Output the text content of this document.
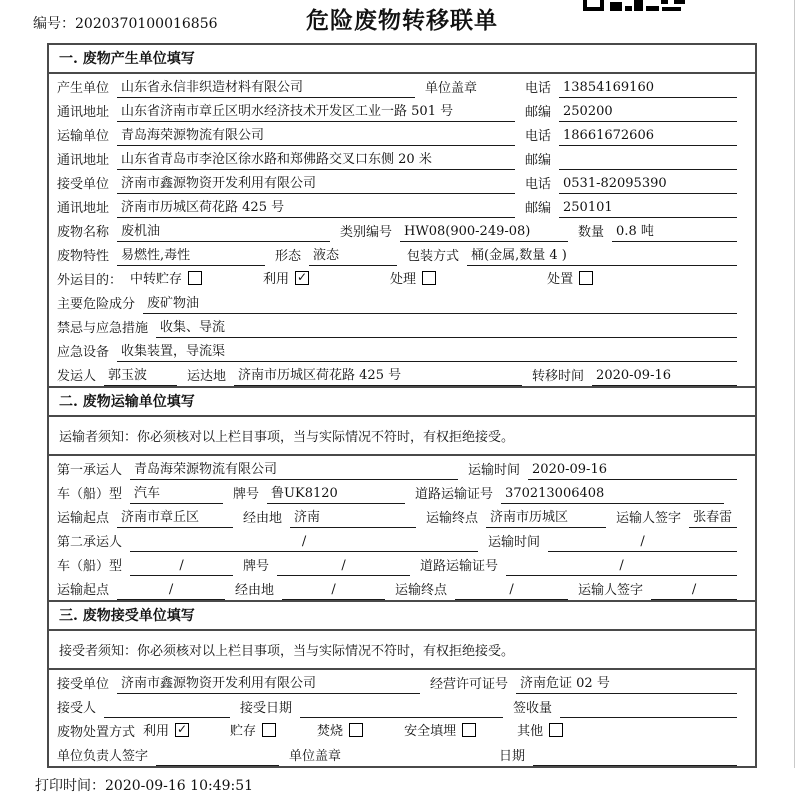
编号：2020370100016856	危险废物转移联单
一. 废物产生单位填写
产生单位 山东省永信非织造材料有限公司	单位盖章	电话 13854169160
通讯地址 山东省济南市章丘区明水经济技术开发区工业一路 501 号	邮编 250200
运输单位 青岛海荣源物流有限公司	电话 18661672606
通讯地址 山东省青岛市李沧区徐水路和郑佛路交叉口东侧 20 米	邮编
接受单位 济南市鑫源物资开发利用有限公司	电话 0531-82095390
通讯地址 济南市历城区荷花路 425 号	邮编 250101
废物名称 废机油	类别编号 HW08(900-249-08)	数量 0.8 吨
废物特性 易燃性,毒性	形态 液态	包装方式 桶(金属,数量 4 )
外运目的： 中转贮存	利用 ✓	处理	处置
主要危险成分 废矿物油
禁忌与应急措施 收集、导流
应急设备 收集装置，导流渠
发运人 郭玉波	运达地 济南市历城区荷花路 425 号	转移时间 2020-09-16
二. 废物运输单位填写
运输者须知：你必须核对以上栏目事项，当与实际情况不符时，有权拒绝接受。
第一承运人 青岛海荣源物流有限公司	运输时间 2020-09-16
车（船）型 汽车	牌号 鲁UK8120	道路运输证号 370213006408
运输起点 济南市章丘区	经由地 济南	运输终点 济南市历城区	运输人签字 张春雷
第二承运人	/	运输时间	/
车（船）型	/	牌号	/	道路运输证号	/
运输起点	/	经由地	/	运输终点	/	运输人签字	/
三. 废物接受单位填写
接受者须知：你必须核对以上栏目事项，当与实际情况不符时，有权拒绝接受。
接受单位 济南市鑫源物资开发利用有限公司	经营许可证号 济南危证 02 号
接受人	接受日期	签收量
废物处置方式 利用 ✓	贮存	焚烧	安全填埋	其他
单位负责人签字	单位盖章	日期
打印时间：2020-09-16 10:49:51
